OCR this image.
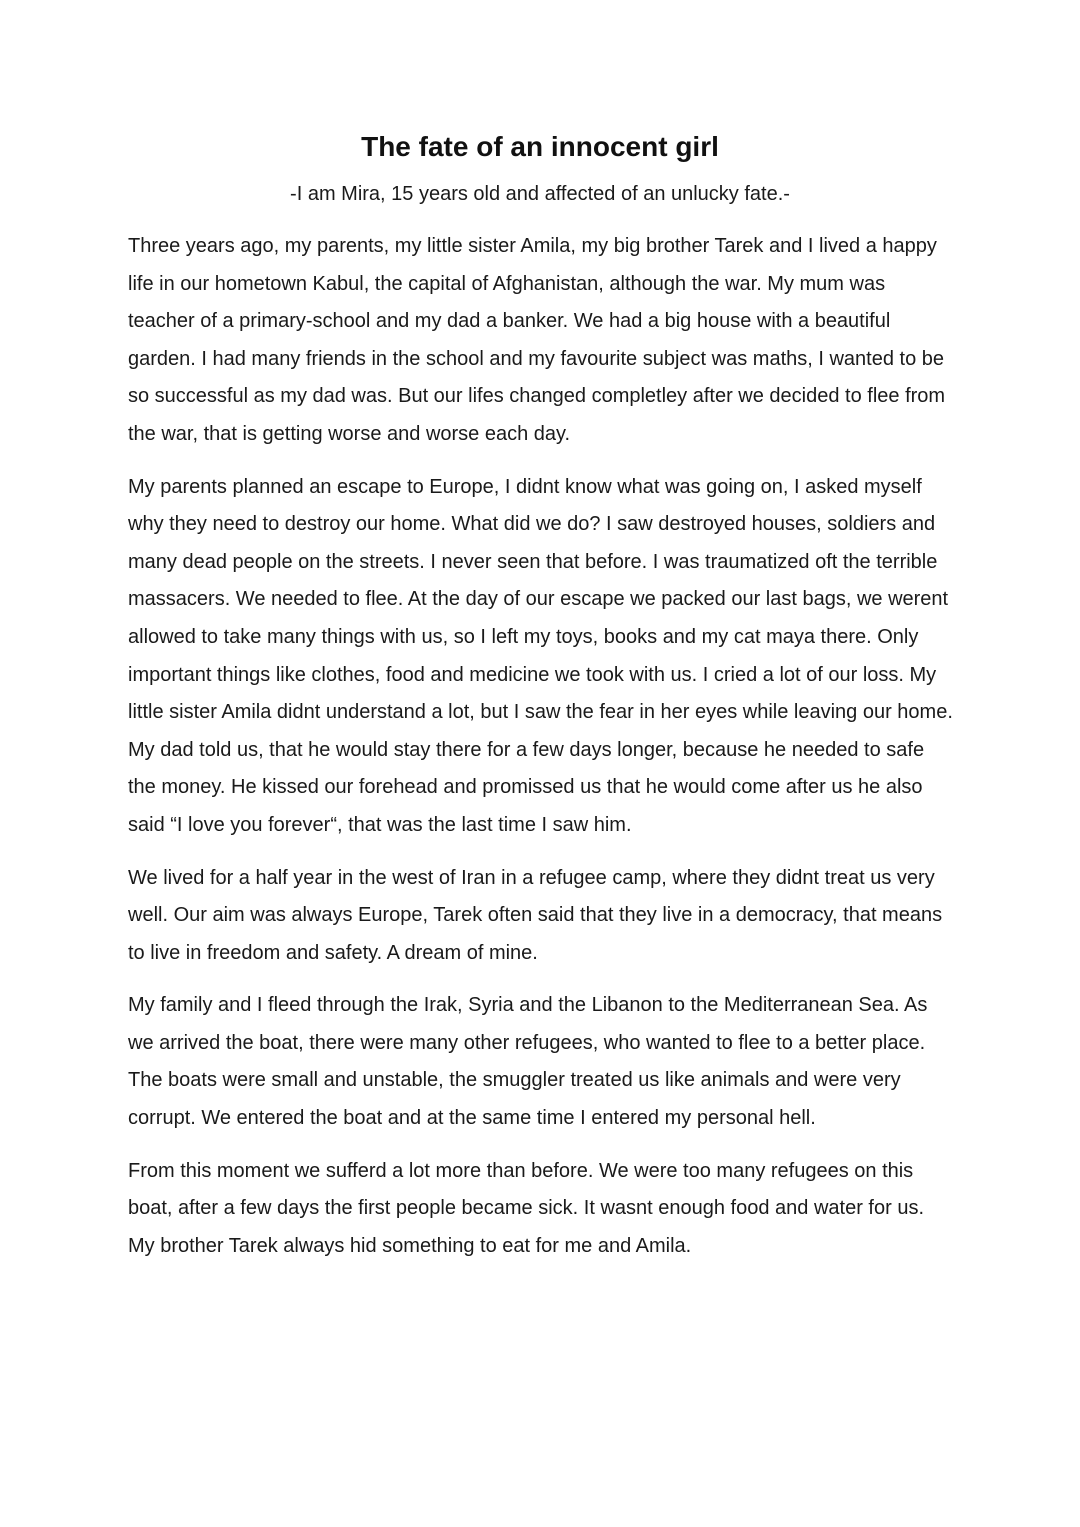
The fate of an innocent girl

-I am Mira, 15 years old and affected of an unlucky fate.-

Three years ago, my parents, my little sister Amila, my big brother Tarek and I lived a happy life in our hometown Kabul, the capital of Afghanistan, although the war. My mum was teacher of a primary-school and my dad a banker. We had a big house with a beautiful garden. I had many friends in the school and my favourite subject was maths, I wanted to be so successful as my dad was. But our lifes changed completley after we decided to flee from the war, that is getting worse and worse each day.

My parents planned an escape to Europe, I didnt know what was going on, I asked myself why they need to destroy our home. What did we do? I saw destroyed houses, soldiers and many dead people on the streets. I never seen that before. I was traumatized oft the terrible massacers. We needed to flee. At the day of our escape we packed our last bags, we werent allowed to take many things with us, so I left my toys, books and my cat maya there. Only important things like clothes, food and medicine we took with us. I cried a lot of our loss. My little sister Amila didnt understand a lot, but I saw the fear in her eyes while leaving our home. My dad told us, that he would stay there for a few days longer, because he needed to safe the money. He kissed our forehead and promissed us that he would come after us he also said “I love you forever“, that was the last time I saw him.

We lived for a half year in the west of Iran in a refugee camp, where they didnt treat us very well. Our aim was always Europe, Tarek often said that they live in a democracy, that means to live in freedom and safety. A dream of mine.

My family and I fleed through the Irak, Syria and the Libanon to the Mediterranean Sea. As we arrived the boat, there were many other refugees, who wanted to flee to a better place. The boats were small and unstable, the smuggler treated us like animals and were very corrupt. We entered the boat and at the same time I entered my personal hell.

From this moment we sufferd a lot more than before. We were too many refugees on this boat, after a few days the first people became sick. It wasnt enough food and water for us. My brother Tarek always hid something to eat for me and Amila.
